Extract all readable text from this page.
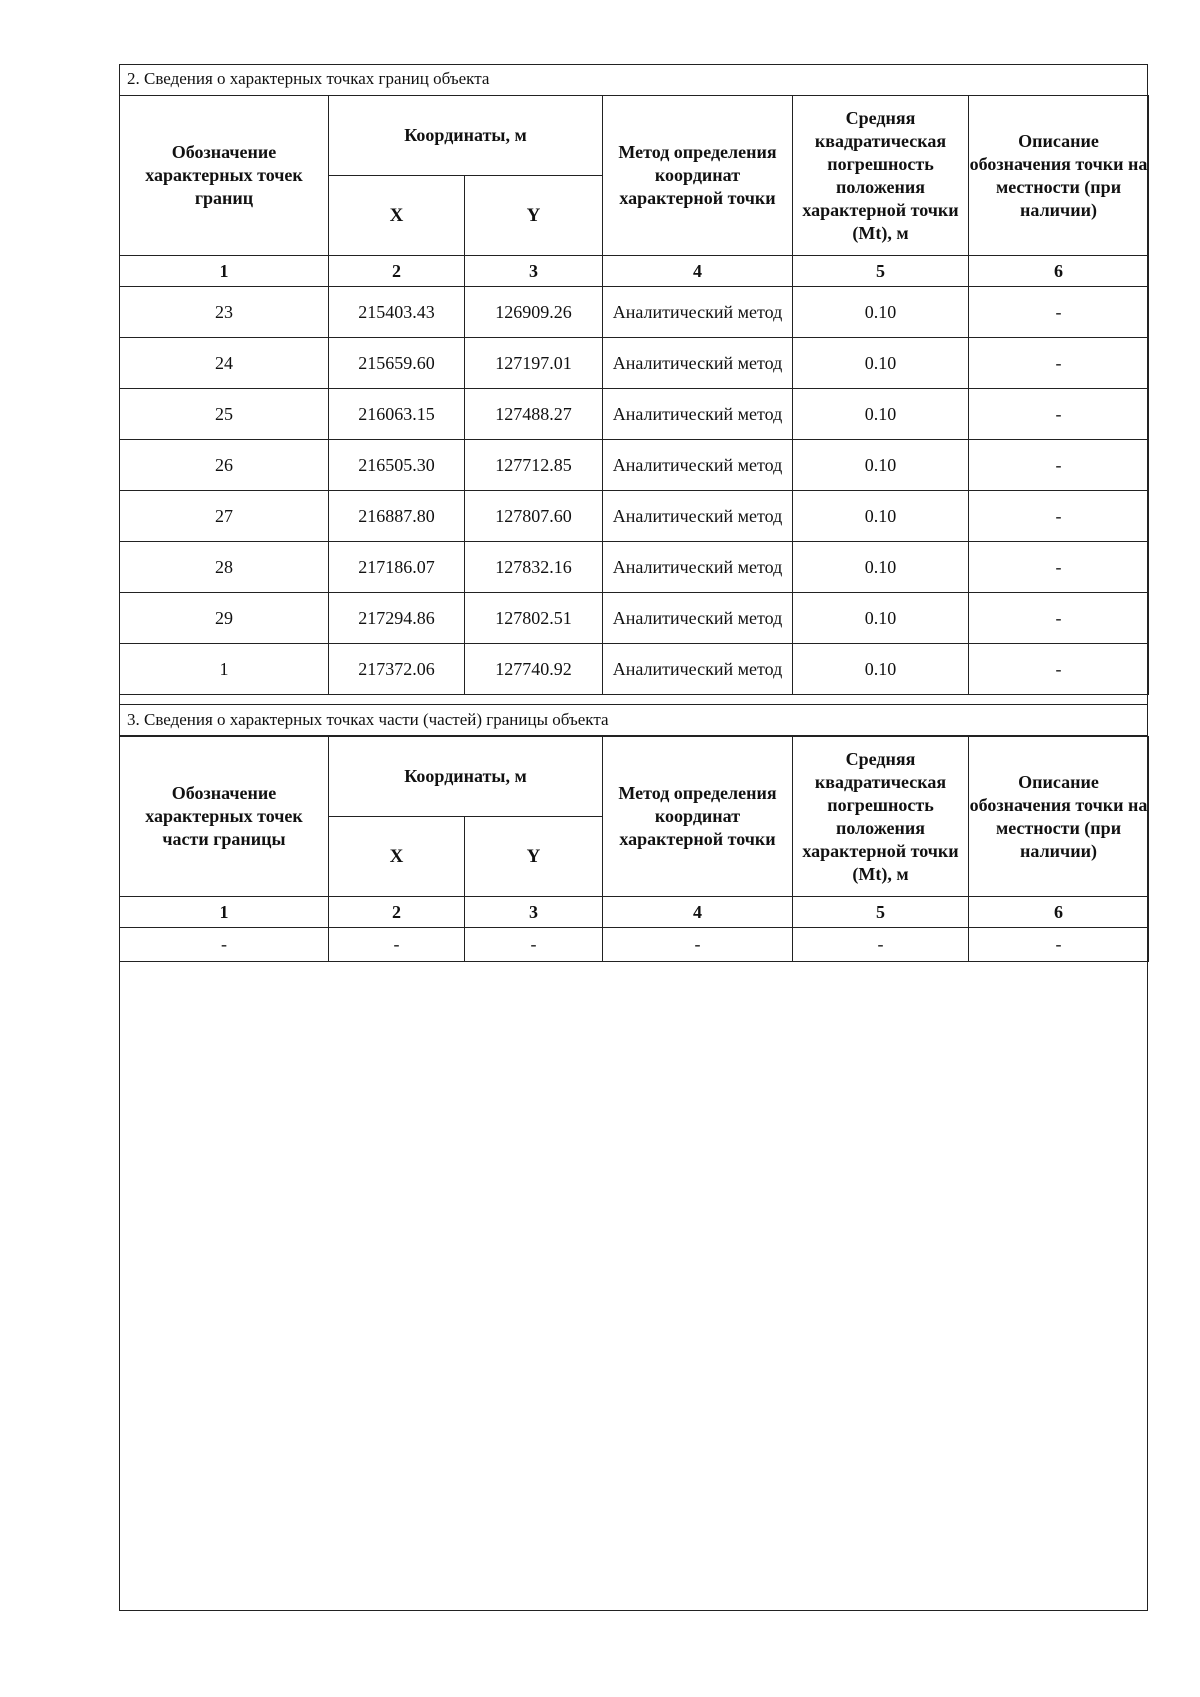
2. Сведения о характерных точках границ объекта
Обозначение характерных точек границ	Координаты, м		Метод определения координат характерной точки	Средняя квадратическая погрешность положения характерной точки (Mt), м	Описание обозначения точки на местности (при наличии)
	X	Y			
1	2	3	4	5	6
23	215403.43	126909.26	Аналитический метод	0.10	-
24	215659.60	127197.01	Аналитический метод	0.10	-
25	216063.15	127488.27	Аналитический метод	0.10	-
26	216505.30	127712.85	Аналитический метод	0.10	-
27	216887.80	127807.60	Аналитический метод	0.10	-
28	217186.07	127832.16	Аналитический метод	0.10	-
29	217294.86	127802.51	Аналитический метод	0.10	-
1	217372.06	127740.92	Аналитический метод	0.10	-
3. Сведения о характерных точках части (частей) границы объекта
Обозначение характерных точек части границы	Координаты, м		Метод определения координат характерной точки	Средняя квадратическая погрешность положения характерной точки (Mt), м	Описание обозначения точки на местности (при наличии)
	X	Y			
1	2	3	4	5	6
-	-	-	-	-	-
